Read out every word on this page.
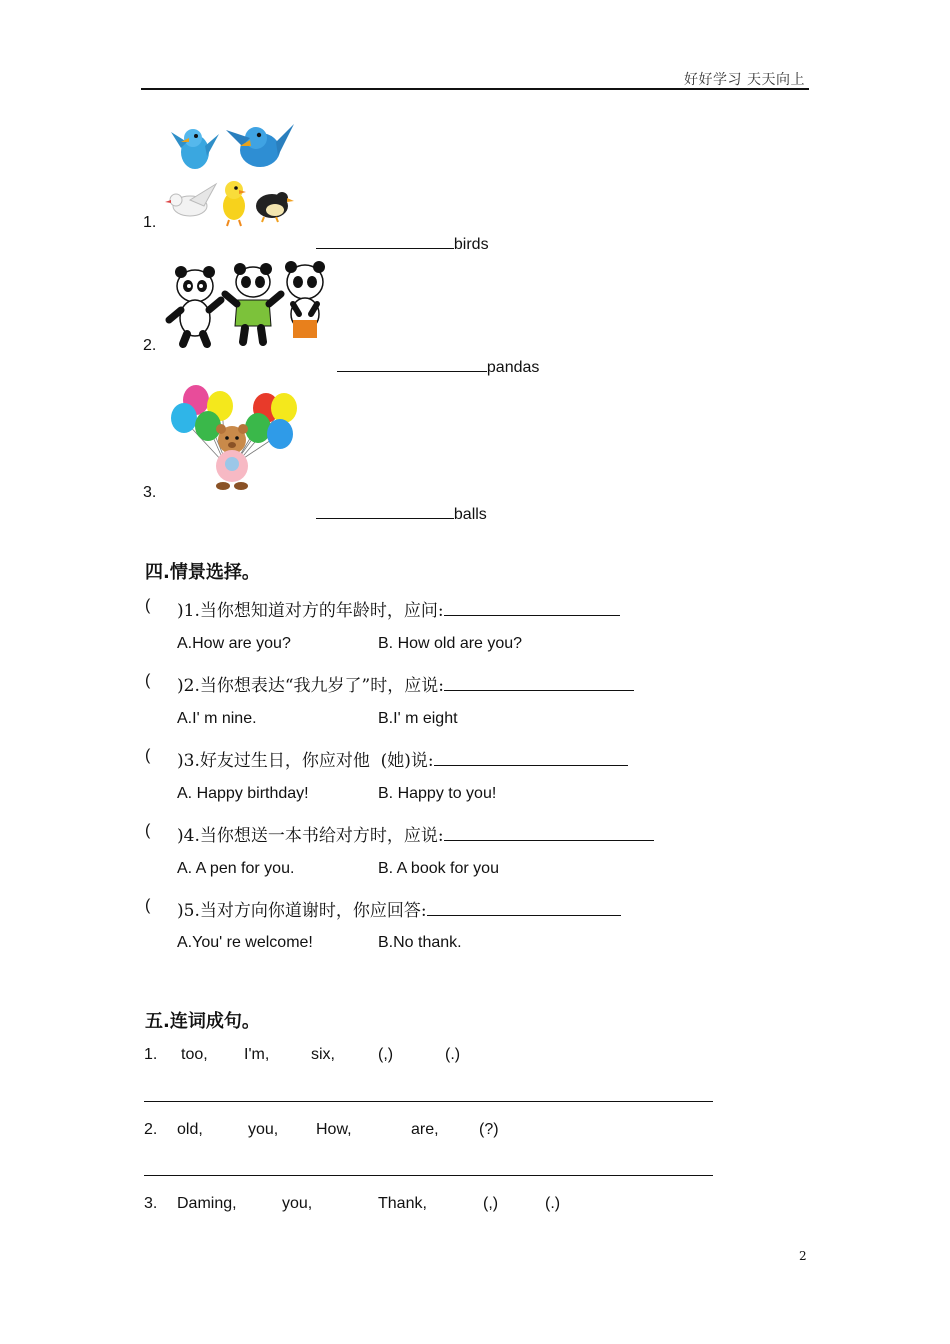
好好学习 天天向上
1.

birds

2.

pandas

3.

balls

四.情景选择。
( )1.当你想知道对方的年龄时，应问:
A.How are you?	B. How old are you?
( )2.当你想表达“我九岁了”时，应说:
A.I' m nine.	B.I' m eight
( )3.好友过生日，你应对他  (她)说:
A. Happy birthday!	B. Happy to you!
( )4.当你想送一本书给对方时，应说:
A. A pen for you.	B. A book for you
( )5.当对方向你道谢时，你应回答:
A.You' re welcome!	B.No thank.
五.连词成句。
1. too, I'm,	six,	(,)	(.)
2. old,	you, How,	are,	(?)
3. Daming,	you,	Thank,	(,)	(.)
2
